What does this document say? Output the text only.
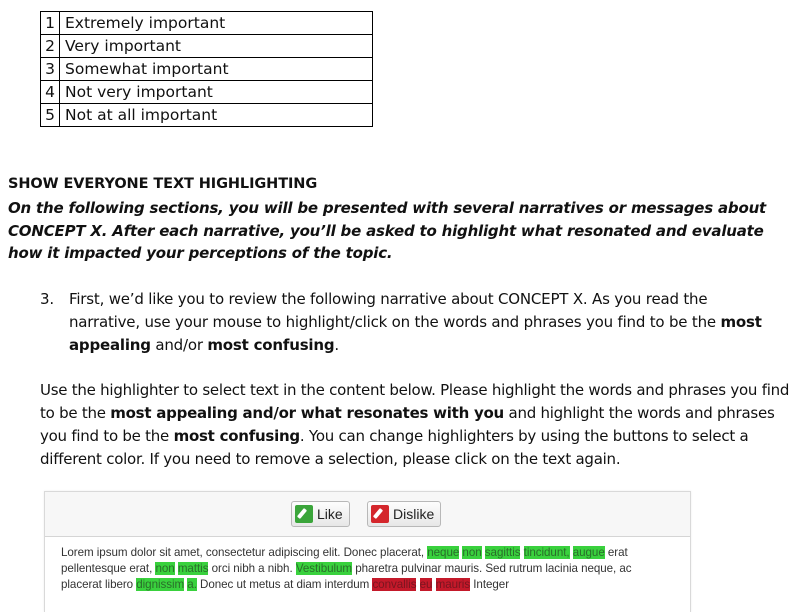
1	Extremely important
2	Very important
3	Somewhat important
4	Not very important
5	Not at all important

SHOW EVERYONE TEXT HIGHLIGHTING

On the following sections, you will be presented with several narratives or messages about CONCEPT X. After each narrative, you’ll be asked to highlight what resonated and evaluate how it impacted your perceptions of the topic.

3. First, we’d like you to review the following narrative about CONCEPT X. As you read the narrative, use your mouse to highlight/click on the words and phrases you find to be the most appealing and/or most confusing.
Use the highlighter to select text in the content below. Please highlight the words and phrases you find to be the most appealing and/or what resonates with you and highlight the words and phrases you find to be the most confusing. You can change highlighters by using the buttons to select a different color. If you need to remove a selection, please click on the text again.
Like	Dislike
Lorem ipsum dolor sit amet, consectetur adipiscing elit. Donec placerat, neque non sagittis tincidunt, augue erat pellentesque erat, non mattis orci nibh a nibh. Vestibulum pharetra pulvinar mauris. Sed rutrum lacinia neque, ac placerat libero dignissim a. Donec ut metus at diam interdum convallis eu mauris Integer
